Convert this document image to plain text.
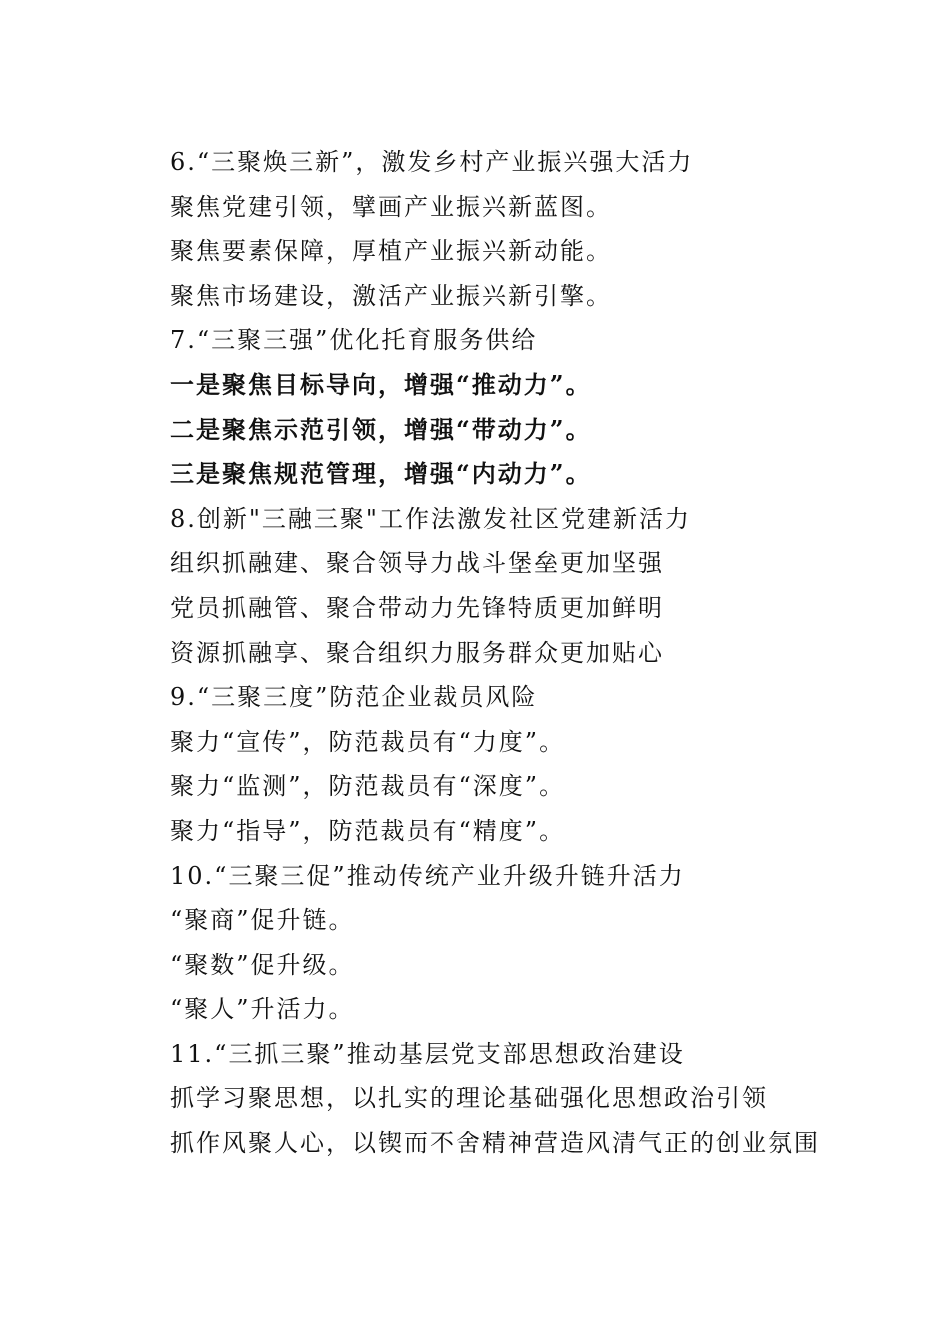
6.“三聚焕三新”，激发乡村产业振兴强大活力
聚焦党建引领，擘画产业振兴新蓝图。
聚焦要素保障，厚植产业振兴新动能。
聚焦市场建设，激活产业振兴新引擎。
7.“三聚三强”优化托育服务供给
一是聚焦目标导向，增强“推动力”。
二是聚焦示范引领，增强“带动力”。
三是聚焦规范管理，增强“内动力”。
8.创新"三融三聚"工作法激发社区党建新活力
组织抓融建、聚合领导力战斗堡垒更加坚强
党员抓融管、聚合带动力先锋特质更加鲜明
资源抓融享、聚合组织力服务群众更加贴心
9.“三聚三度”防范企业裁员风险
聚力“宣传”，防范裁员有“力度”。
聚力“监测”，防范裁员有“深度”。
聚力“指导”，防范裁员有“精度”。
10.“三聚三促”推动传统产业升级升链升活力
“聚商”促升链。
“聚数”促升级。
“聚人”升活力。
11.“三抓三聚”推动基层党支部思想政治建设
抓学习聚思想，以扎实的理论基础强化思想政治引领
抓作风聚人心，以锲而不舍精神营造风清气正的创业氛围
